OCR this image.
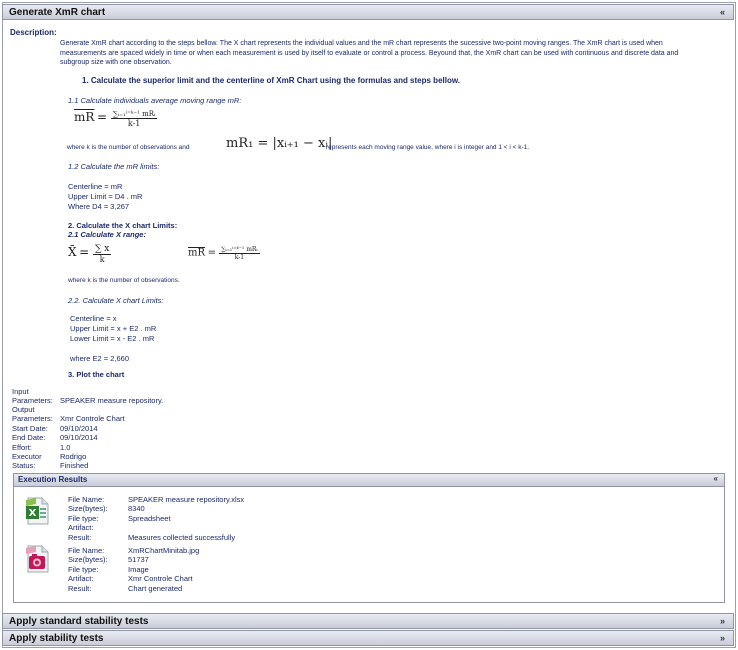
Generate XmR chart	«
Description:
Generate XmR chart according to the steps bellow. The X chart represents the individual values and the mR chart represents the sucessive two-point moving ranges. The XmR chart is used when measurements are spaced widely in time or when each measurement is used by itself to evaluate or control a process. Beyound that, the XmR chart can be used with continuous and discrete data and subgroup size with one observation.
1. Calculate the superior limit and the centerline of XmR Chart using the formulas and steps bellow.
1.1 Calculate individuals average moving range mR:
$\overline{mR} = \frac{\text{∑ᵢ₌₁ⁱ⁼ᵏ⁻¹ mRᵢ}}{k-1}$
where k is the number of observations and	mR₁ = |xᵢ₊₁ − xᵢ|
represents each moving range value, where i is integer and 1 < i < k-1.
1.2 Calculate the mR limits:
Centerline = mR
Upper Limit = D4 . mR
Where D4 = 3,267
2. Calculate the X chart Limits:
2.1 Calculate X range:
X̄ = $\frac{\sum x}{k}$	$\overline{mR} = \frac{\text{∑ᵢ₌₁ⁱ⁼ᵏ⁻¹ mRᵢ}}{k-1}$
where k is the number of observations.
2.2. Calculate X chart Limits:
Centerline = x
Upper Limit = x + E2 . mR
Lower Limit = x - E2 . mR
where E2 = 2,660
3. Plot the chart
Input
Parameters: SPEAKER measure repository.
Output
Parameters: Xmr Controle Chart
Start Date: 09/10/2014
End Date: 09/10/2014
Effort:	1.0
Executor Rodrigo
Status:	Finished
Execution Results	«
X
File Name:	SPEAKER measure repository.xlsx
Size(bytes):	8340
File type:	Spreadsheet
Artifact:
Result:	Measures collected successfully
File Name:	XmRChartMinitab.jpg
Size(bytes):	51737
File type:	Image
Artifact:	Xmr Controle Chart
Result:	Chart generated
Apply standard stability tests	»
Apply stability tests	»
